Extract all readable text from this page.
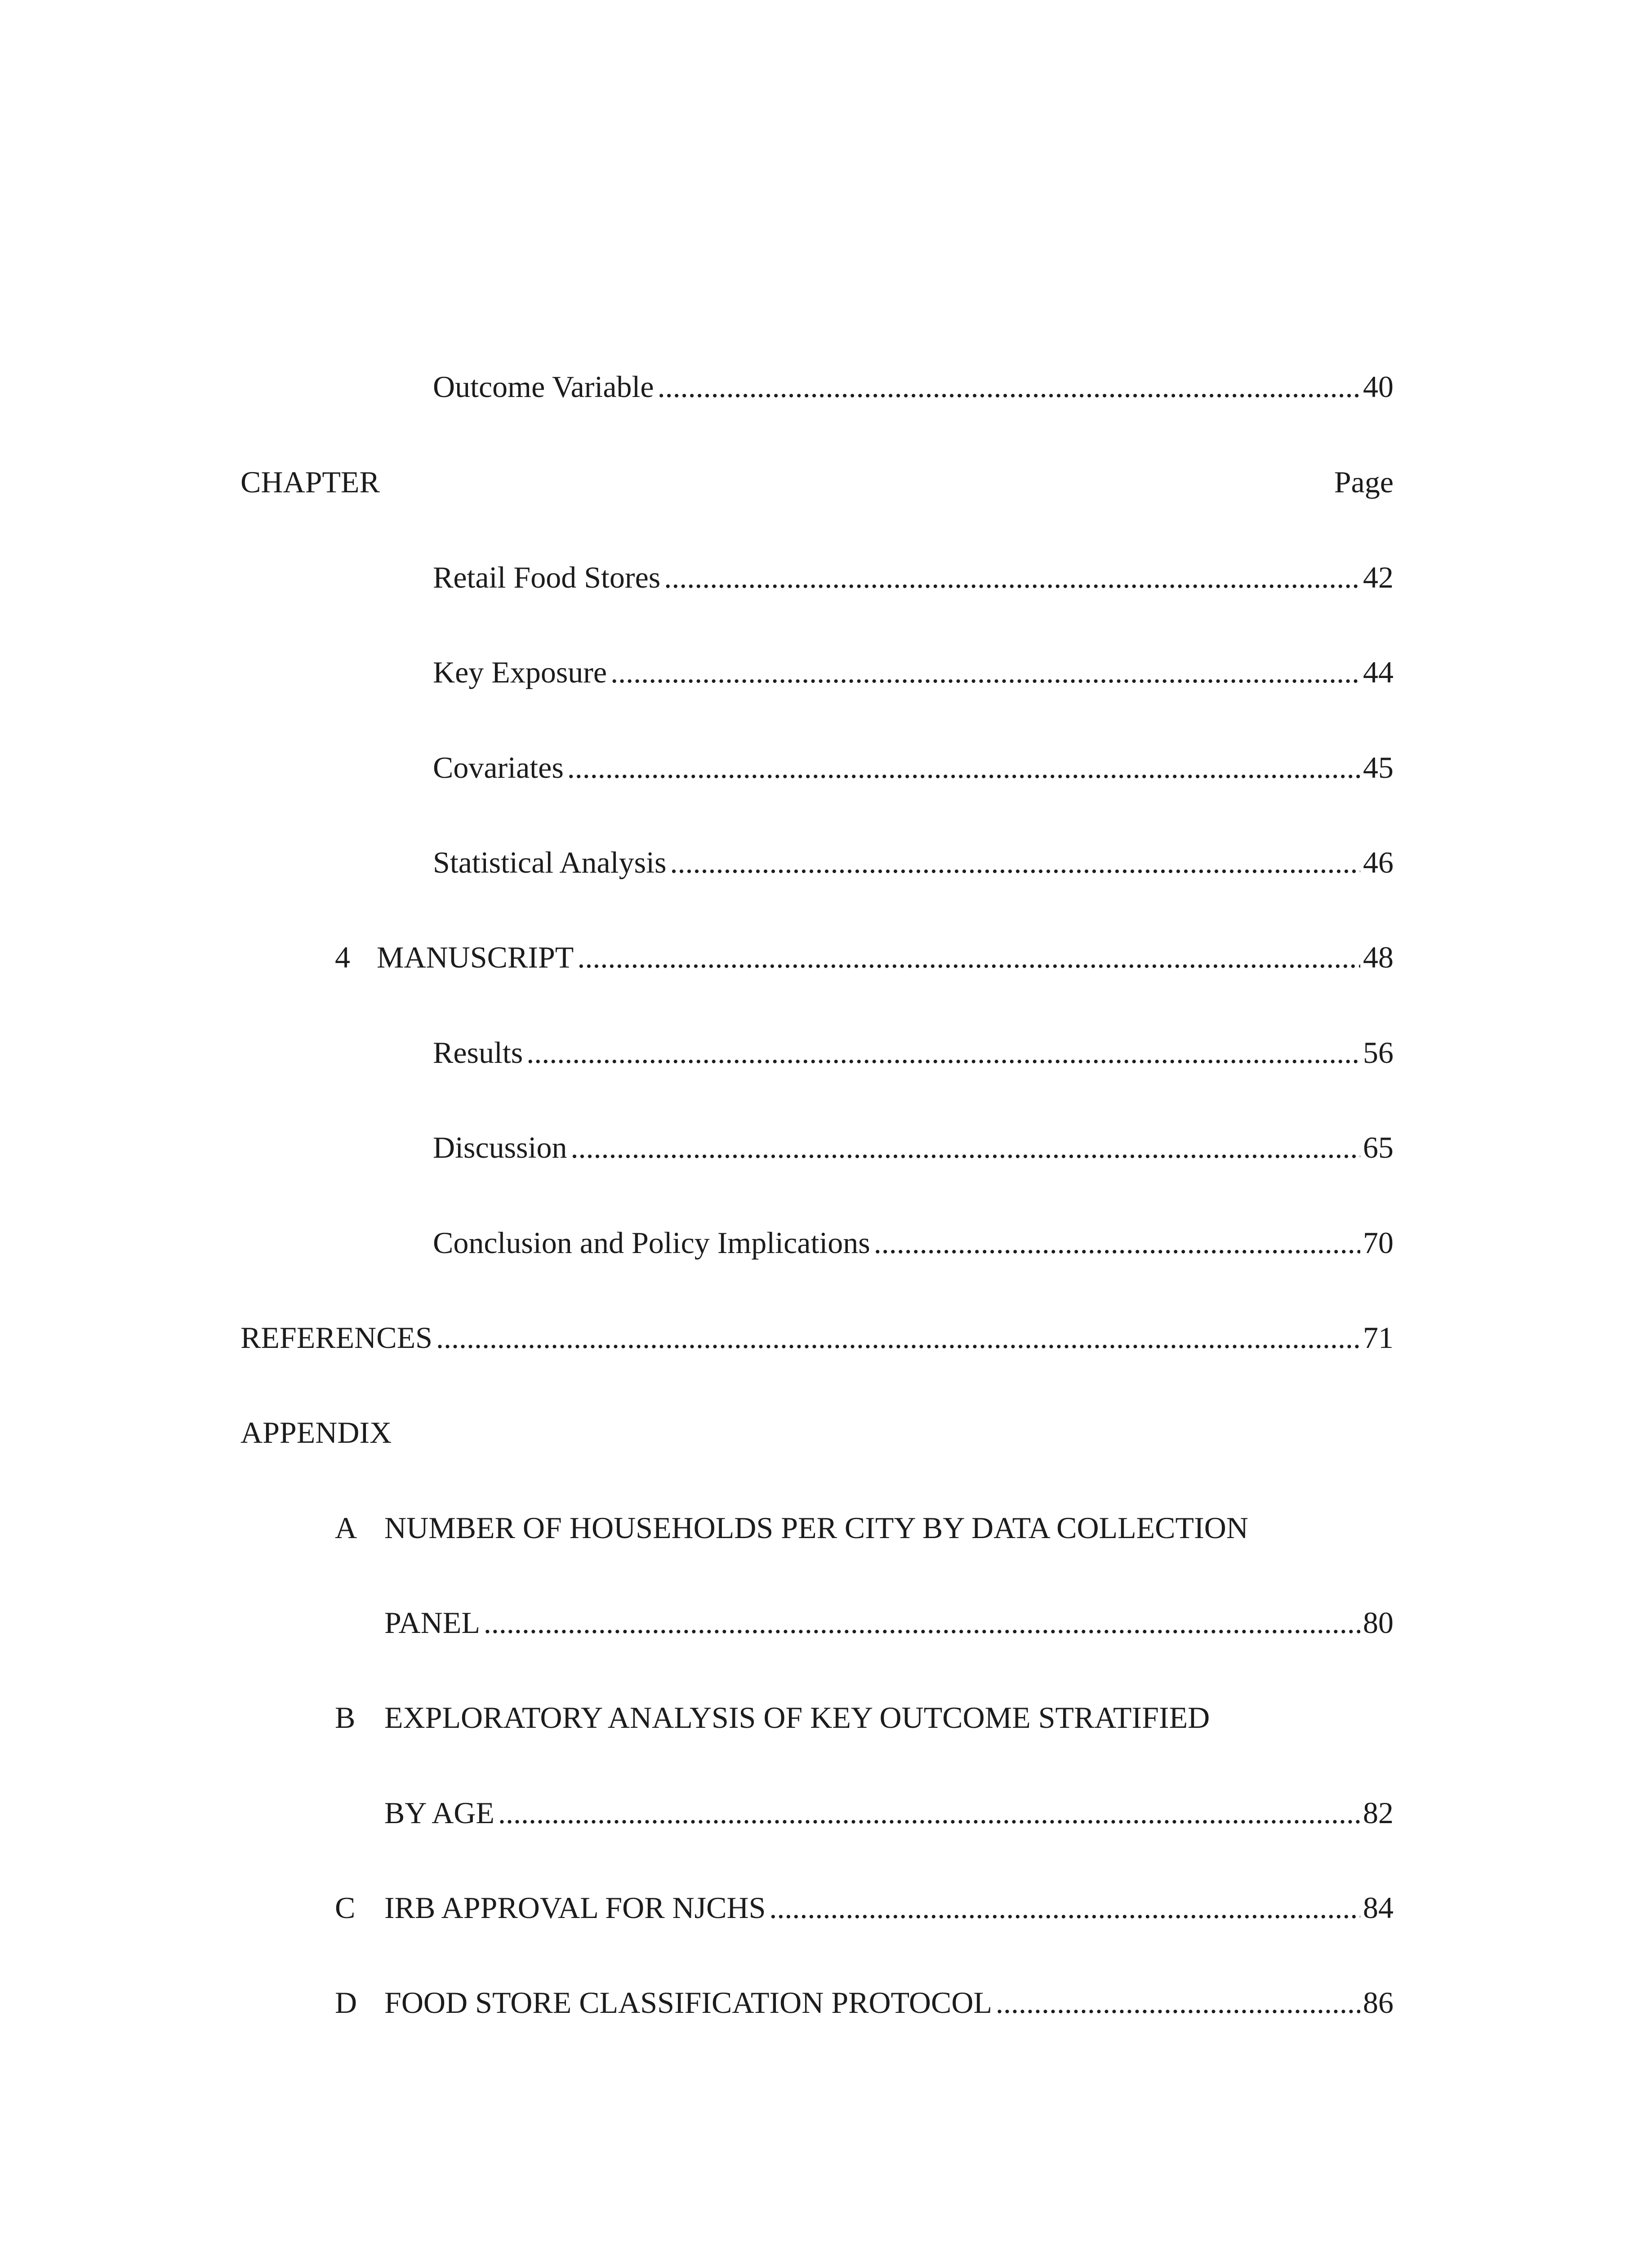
Outcome Variable .....	40
CHAPTER	Page
Retail Food Stores .....	42
Key Exposure .....	44
Covariates .....	45
Statistical Analysis .....	46
4 MANUSCRIPT .....	48
Results .....	56
Discussion .....	65
Conclusion and Policy Implications .....	70
REFERENCES .....	71
APPENDIX
A NUMBER OF HOUSEHOLDS PER CITY BY DATA COLLECTION
PANEL .....	80
B EXPLORATORY ANALYSIS OF KEY OUTCOME STRATIFIED
BY AGE .....	82
C IRB APPROVAL FOR NJCHS .....	84
D FOOD STORE CLASSIFICATION PROTOCOL .....	86
